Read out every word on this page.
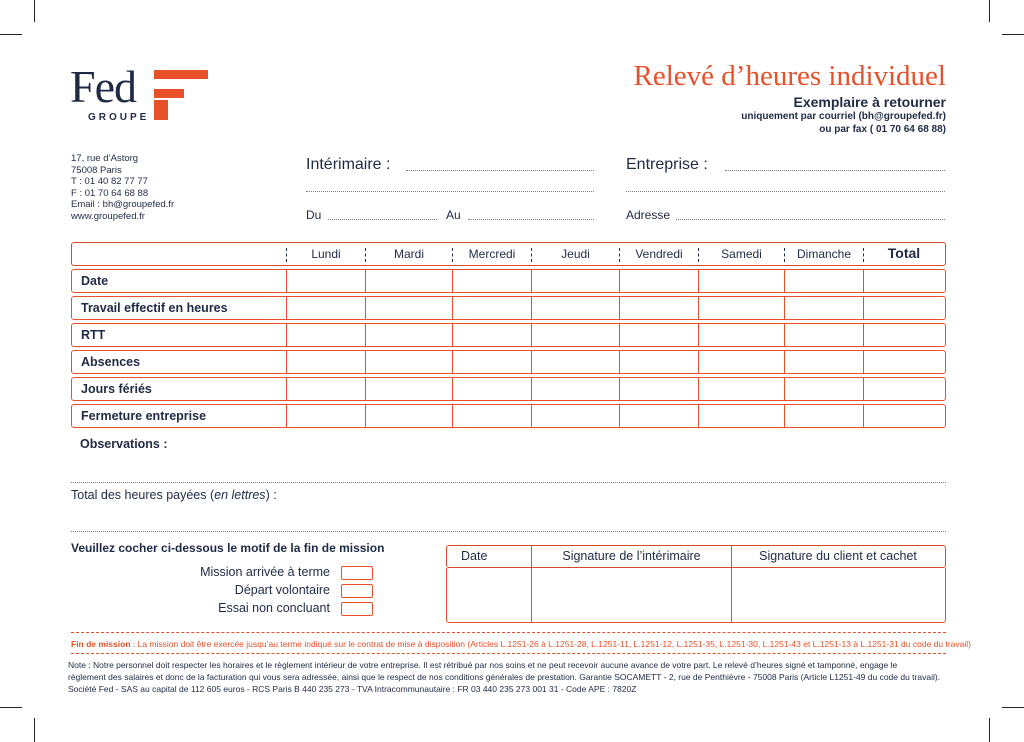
Fed
GROUPE
Relevé d’heures individuel
Exemplaire à retourner
uniquement par courriel (bh@groupefed.fr)
ou par fax ( 01 70 64 68 88)
17, rue d’Astorg
75008 Paris
T : 01 40 82 77 77
F : 01 70 64 68 88
Email : bh@groupefed.fr
www.groupefed.fr
Intérimaire :
Du	Au
Entreprise :
Adresse
Lundi	Mardi	Mercredi	Jeudi	Vendredi	Samedi	Dimanche	Total
Date
Travail effectif en heures
RTT
Absences
Jours fériés
Fermeture entreprise
Observations :
Total des heures payées (en lettres) :
Veuillez cocher ci-dessous le motif de la fin de mission
Mission arrivée à terme
Départ volontaire
Essai non concluant
Date	Signature de l’intérimaire	Signature du client et cachet
Fin de mission : La mission doit être exercée jusqu’au terme indiqué sur le contrat de mise à disposition (Articles L.1251-26 à L.1251-28, L.1251-11, L.1251-12, L.1251-35, L.1251-30, L.1251-43 et L.1251-13 à L.1251-31 du code du travail)
Note : Notre personnel doit respecter les horaires et le règlement intérieur de votre entreprise. Il est rétribué par nos soins et ne peut recevoir aucune avance de votre part. Le relevé d’heures signé et tamponné, engage le
règlement des salaires et donc de la facturation qui vous sera adressée, ainsi que le respect de nos conditions générales de prestation. Garantie SOCAMETT - 2, rue de Penthièvre - 75008 Paris (Article L1251-49 du code du travail).
Société Fed - SAS au capital de 112 605 euros - RCS Paris B 440 235 273 - TVA Intracommunautaire : FR 03 440 235 273 001 31 - Code APE : 7820Z
